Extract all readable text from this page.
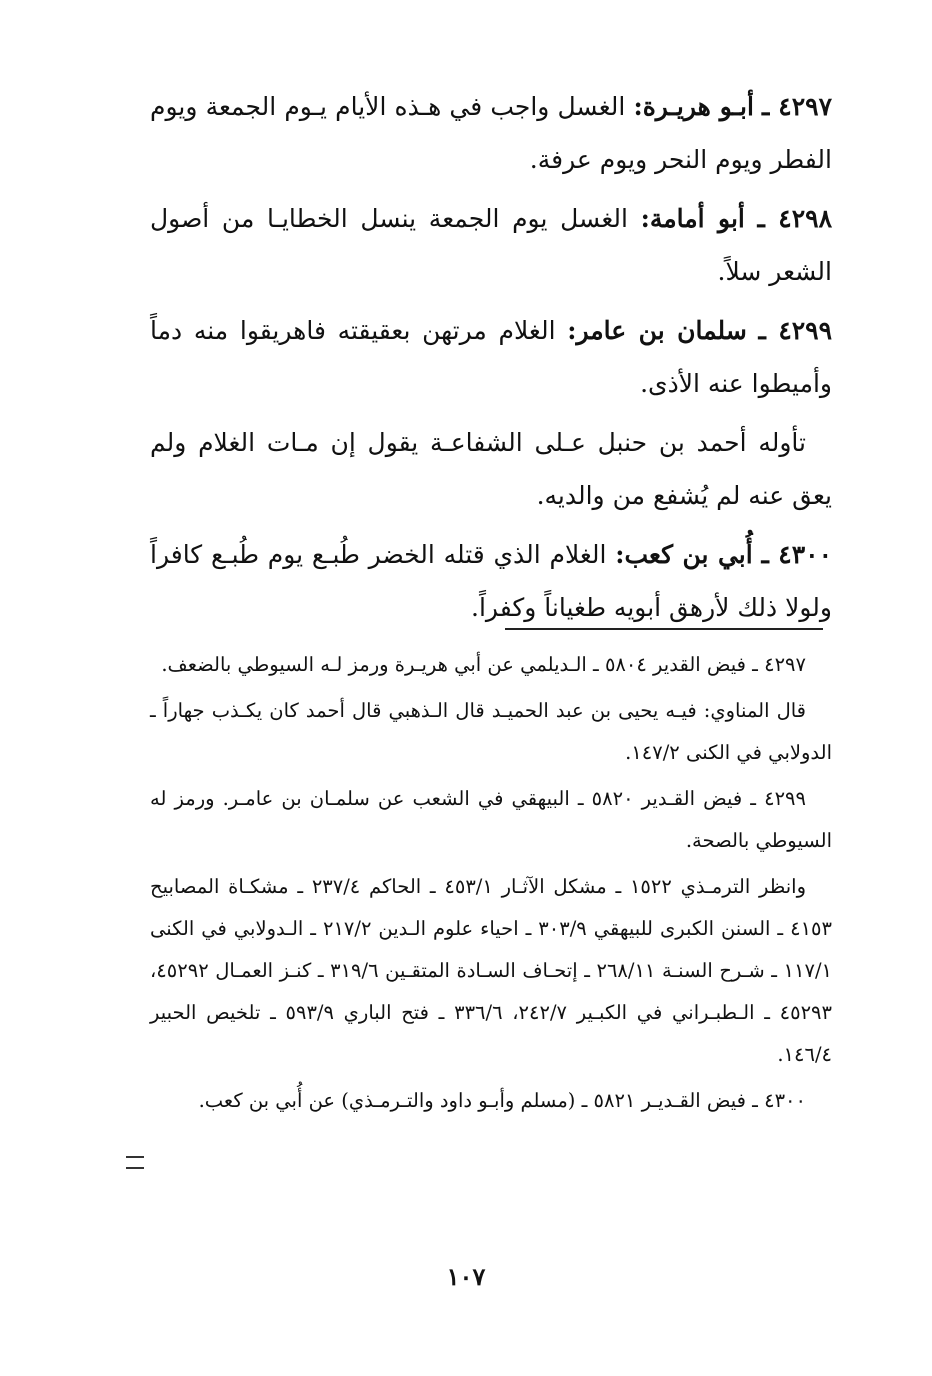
٤٢٩٧ ـ أبـو هريـرة: الغسل واجب في هـذه الأيام يـوم الجمعة ويوم الفطر ويوم النحر ويوم عرفة.

٤٢٩٨ ـ أبو أمامة: الغسل يوم الجمعة ينسل الخطايـا من أصول الشعر سلاً.

٤٢٩٩ ـ سلمان بن عامر: الغلام مرتهن بعقيقته فاهريقوا منه دماً وأميطوا عنه الأذى.

تأوله أحمد بن حنبل عـلى الشفاعـة يقول إن مـات الغلام ولم يعق عنه لم يُشفع من والديه.

٤٣٠٠ ـ أُبي بن كعب: الغلام الذي قتله الخضر طُبـع يوم طُبـع كافراً ولولا ذلك لأرهق أبويه طغياناً وكفراً.

٤٢٩٧ ـ فيض القدير ٥٨٠٤ ـ الـديلمي عن أبي هريـرة ورمز لـه السيوطي بالضعف.

قال المناوي: فيـه يحيى بن عبد الحميـد قال الـذهبي قال أحمد كان يكـذب جهاراً ـ الدولابي في الكنى ١٤٧/٢.

٤٢٩٩ ـ فيض القـدير ٥٨٢٠ ـ البيهقي في الشعب عن سلمـان بن عامـر. ورمز له السيوطي بالصحة.

وانظر الترمـذي ١٥٢٢ ـ مشكل الآثـار ٤٥٣/١ ـ الحاكم ٢٣٧/٤ ـ مشكـاة المصابيح ٤١٥٣ ـ السنن الكبرى للبيهقي ٣٠٣/٩ ـ احياء علوم الـدين ٢١٧/٢ ـ الـدولابي في الكنى ١١٧/١ ـ شـرح السنـة ٢٦٨/١١ ـ إتحـاف السـادة المتقـين ٣١٩/٦ ـ كنـز العمـال ٤٥٢٩٢، ٤٥٢٩٣ ـ الـطبـراني في الكبـير ٢٤٢/٧، ٣٣٦/٦ ـ فتح الباري ٥٩٣/٩ ـ تلخيص الحبير ١٤٦/٤.

٤٣٠٠ ـ فيض القـديـر ٥٨٢١ ـ (مسلم وأبـو داود والتـرمـذي) عن أُبي بن كعب.

١٠٧
